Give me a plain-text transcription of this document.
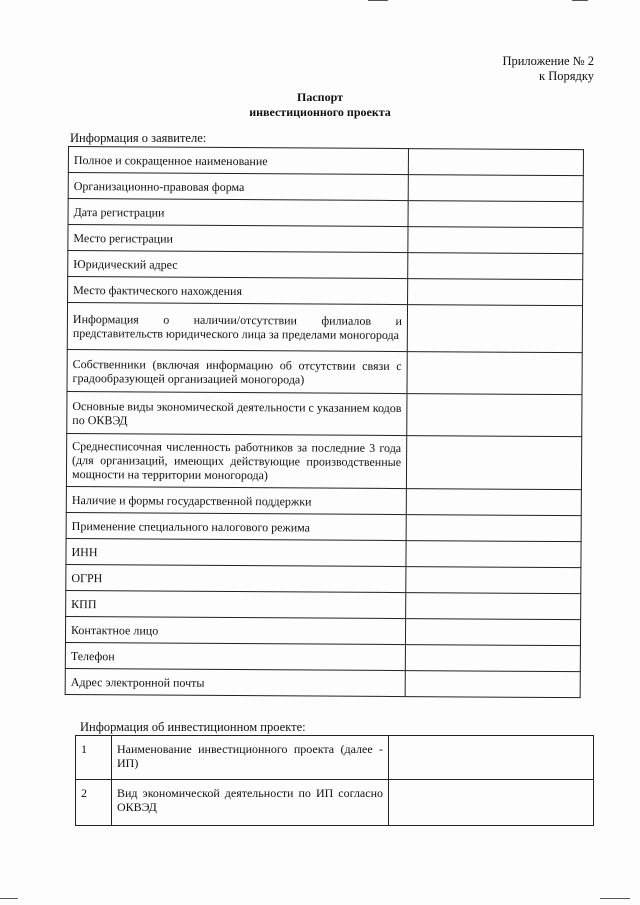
Приложение № 2
к Порядку
Паспорт
инвестиционного проекта
Информация о заявителе:
Полное и сокращенное наименование	
Организационно-правовая форма	
Дата регистрации	
Место регистрации	
Юридический адрес	
Место фактического нахождения	
Информация о наличии/отсутствии филиалов и представительств юридического лица за пределами моногорода	
Собственники (включая информацию об отсутствии связи с градообразующей организацией моногорода)	
Основные виды экономической деятельности с указанием кодов по ОКВЭД	
Среднесписочная численность работников за последние 3 года (для организаций, имеющих действующие производственные мощности на территории моногорода)	
Наличие и формы государственной поддержки	
Применение специального налогового режима	
ИНН	
ОГРН	
КПП	
Контактное лицо	
Телефон	
Адрес электронной почты	
Информация об инвестиционном проекте:
1	Наименование инвестиционного проекта (далее - ИП)	
2	Вид экономической деятельности по ИП согласно ОКВЭД	
